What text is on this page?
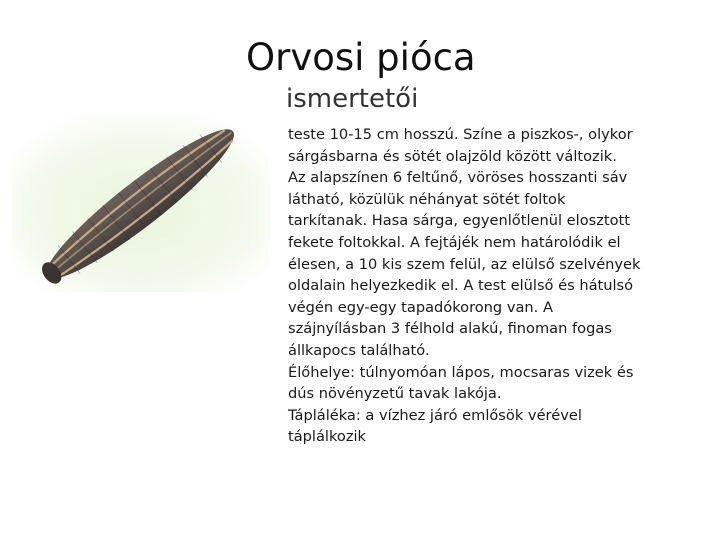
Orvosi pióca
ismertetői
teste 10-15 cm hosszú. Színe a piszkos-, olykor
sárgásbarna és sötét olajzöld között változik.
Az alapszínen 6 feltűnő, vöröses hosszanti sáv
látható, közülük néhányat sötét foltok
tarkítanak. Hasa sárga, egyenlőtlenül elosztott
fekete foltokkal. A fejtájék nem határolódik el
élesen, a 10 kis szem felül, az elülső szelvények
oldalain helyezkedik el. A test elülső és hátulsó
végén egy-egy tapadókorong van. A
szájnyílásban 3 félhold alakú, finoman fogas
állkapocs található.
Élőhelye: túlnyomóan lápos, mocsaras vizek és
dús növényzetű tavak lakója.
Tápláléka: a vízhez járó emlősök vérével
táplálkozik
